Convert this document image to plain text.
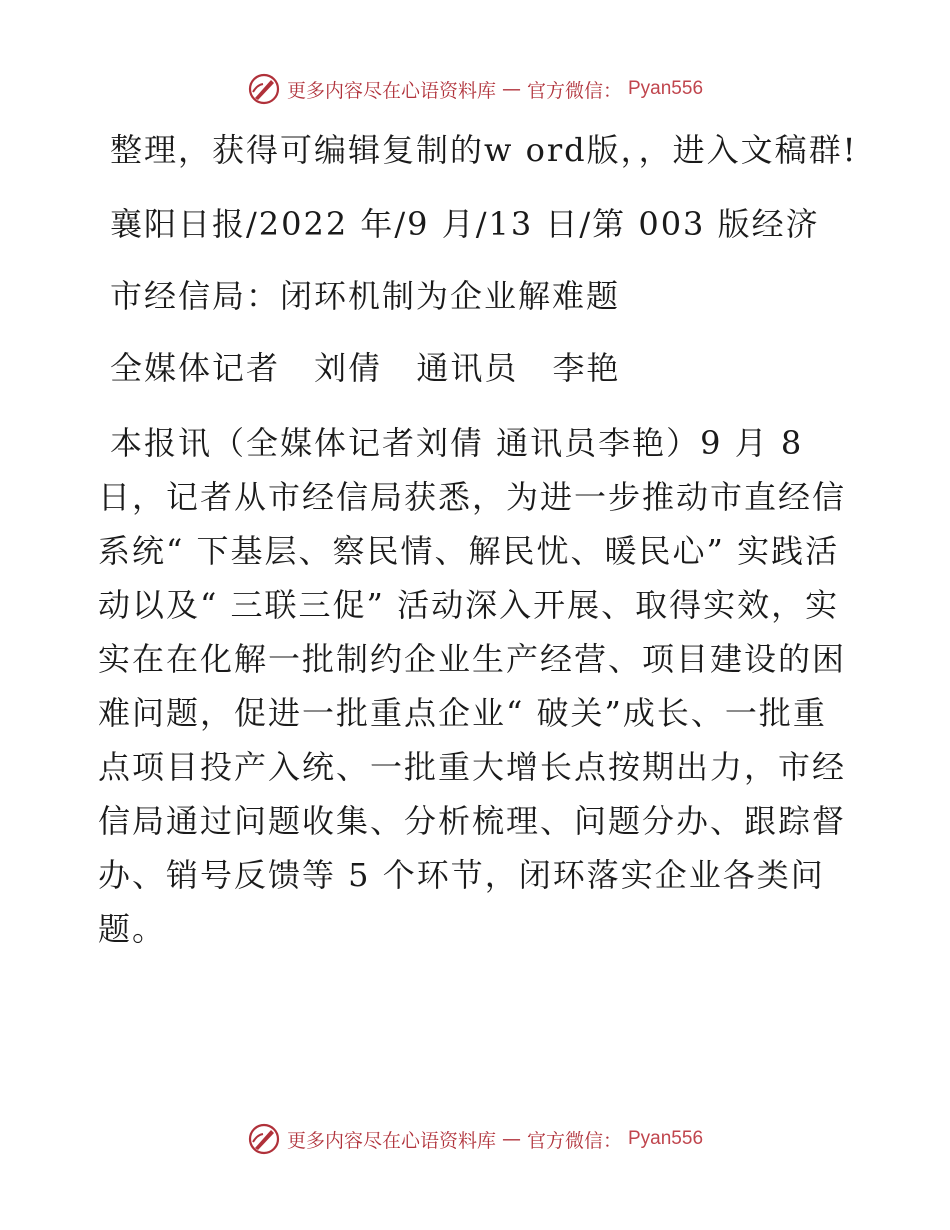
更多内容尽在心语资料库 — 官方微信： Pyan556

整理，获得可编辑复制的w ord版，，进入文稿群!

襄阳日报/2022 年/9 月/13 日/第 003 版经济

市经信局：闭环机制为企业解难题

全媒体记者 刘倩 通讯员 李艳

本报讯（全媒体记者刘倩 通讯员李艳）9 月 8 日，记者从市经信局获悉，为进一步推动市直经信系统“ 下基层、察民情、解民忧、暖民心” 实践活动以及“ 三联三促” 活动深入开展、取得实效，实实在在化解一批制约企业生产经营、项目建设的困难问题，促进一批重点企业“ 破关”成长、一批重点项目投产入统、一批重大增长点按期出力，市经信局通过问题收集、分析梳理、问题分办、跟踪督办、销号反馈等 5 个环节，闭环落实企业各类问题。

更多内容尽在心语资料库 — 官方微信： Pyan556
